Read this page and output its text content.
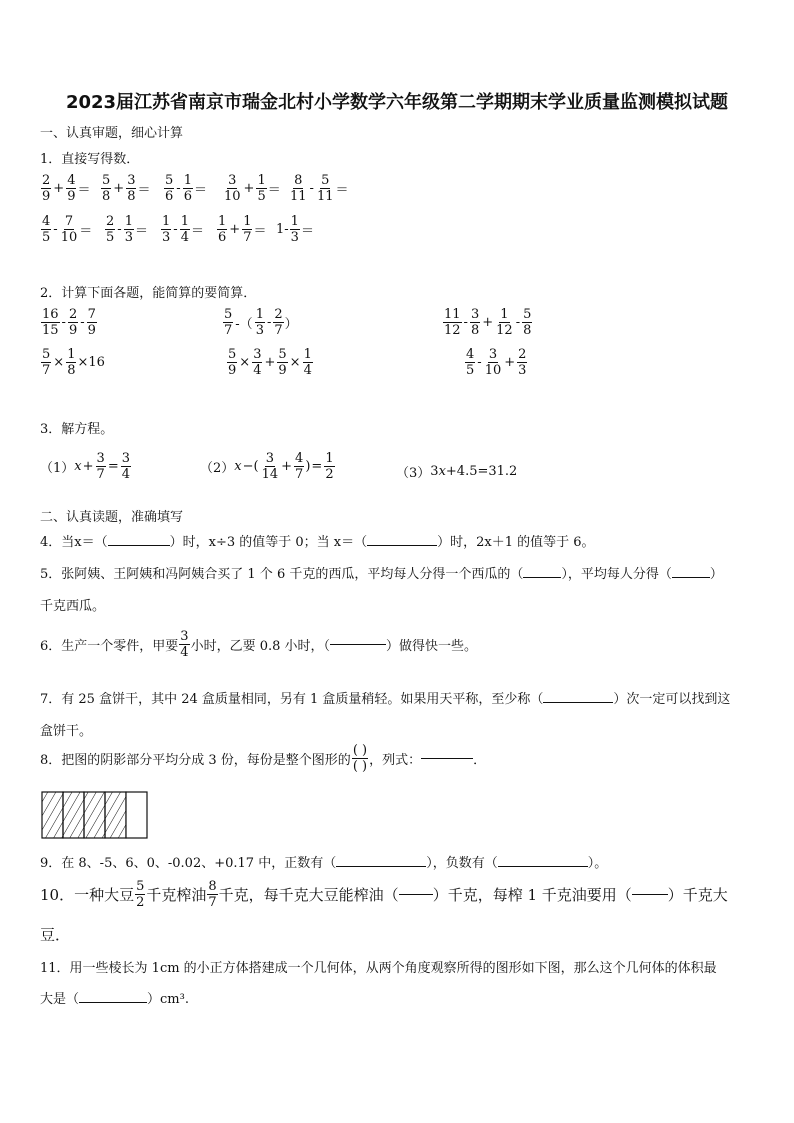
2023届江苏省南京市瑞金北村小学数学六年级第二学期期末学业质量监测模拟试题
一、认真审题，细心计算
1．直接写得数．
$\frac{2}{9} + \frac{4}{9} = \frac{5}{8} + \frac{3}{8} = \frac{5}{6} - \frac{1}{6} = \frac{3}{10} + \frac{1}{5} = \frac{8}{11} - \frac{5}{11}$ ＝
$\frac{4}{5} - \frac{7}{10} = \frac{2}{5} - \frac{1}{3} = \frac{1}{3} - \frac{1}{4} = \frac{1}{6} + \frac{1}{7} = 1- \frac{1}{3}$ ＝
2．计算下面各题，能简算的要简算．
$\frac{16}{15} - \frac{2}{9} - \frac{7}{9}$	$\frac{5}{7}$ -（ $\frac{1}{3} - \frac{2}{7}$ ）	$\frac{11}{12} - \frac{3}{8} + \frac{1}{12} - \frac{5}{8}$
$\frac{5}{7} \times \frac{1}{8} \times 16$	$\frac{5}{9} \times \frac{3}{4} + \frac{5}{9} \times \frac{1}{4}$	$\frac{4}{5} - \frac{3}{10} + \frac{2}{3}$
3．解方程。
（1） $x + \frac{3}{7} = \frac{3}{4}$	（2） x −( $\frac{3}{14} + \frac{4}{7}$ ) = $\frac{1}{2}$	（3） 3 x +4.5=31.2
二、认真读题，准确填写
4．当x＝（	）时，x÷3 的值等于 0；当 x＝（	）时，2x＋1 的值等于 6。
5．张阿姨、王阿姨和冯阿姨合买了 1 个 6 千克的西瓜，平均每人分得一个西瓜的（	），平均每人分得（	）
千克西瓜。
6．生产一个零件，甲要 $\frac{3}{4}$ 小时，乙要 0.8 小时，（	）做得快一些。
7．有 25 盒饼干，其中 24 盒质量相同，另有 1 盒质量稍轻。如果用天平称，至少称（	）次一定可以找到这
盒饼干。
8．把图的阴影部分平均分成 3 份，每份是整个图形的 $\frac{( )}{( )}$ ，列式：	．
9．在 8、-5、6、0、-0.02、+0.17 中，正数有（	），负数有（	）。
10．一种大豆 $\frac{5}{2}$ 千克榨油 $\frac{8}{7}$ 千克，每千克大豆能榨油（ ）千克，每榨 1 千克油要用（ ）千克大
豆．
11．用一些棱长为 1cm 的小正方体搭建成一个几何体，从两个角度观察所得的图形如下图，那么这个几何体的体积最
大是（	）cm³.
